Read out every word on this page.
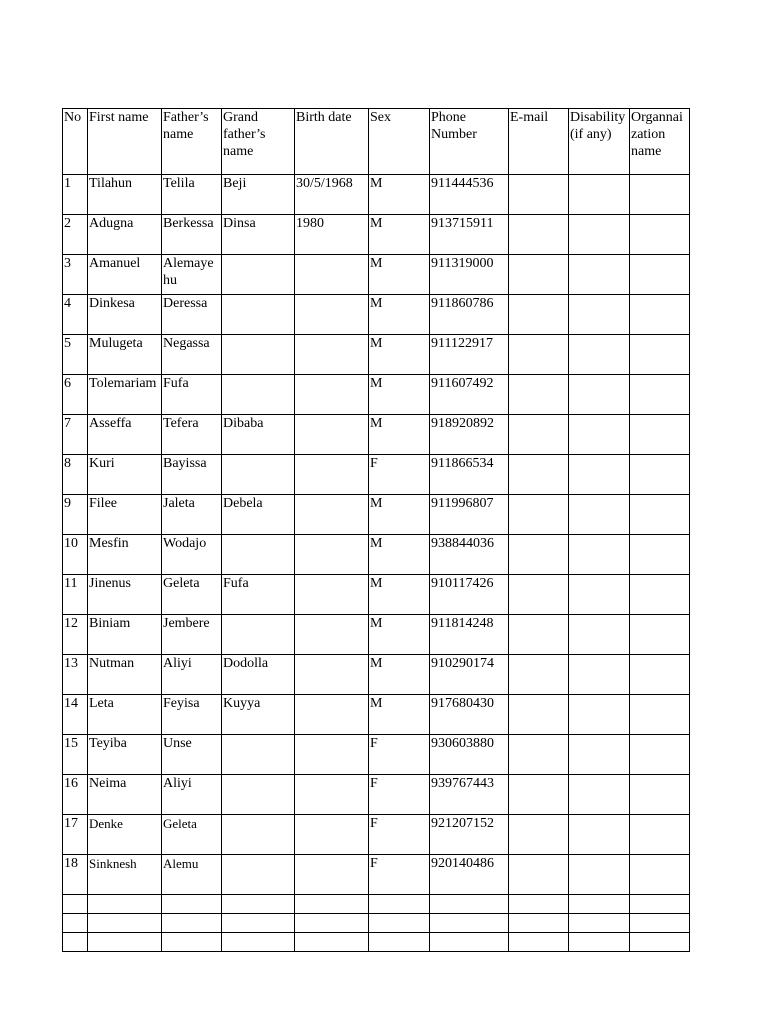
No	First name	Father’s name	Grand father’s name	Birth date	Sex	Phone Number	E-mail	Disability (if any)	Organnaization name
1	Tilahun	Telila	Beji	30/5/1968	M	911444536			
2	Adugna	Berkessa	Dinsa	1980	M	913715911			
3	Amanuel	Alemayehu			M	911319000			
4	Dinkesa	Deressa			M	911860786			
5	Mulugeta	Negassa			M	911122917			
6	Tolemariam	Fufa			M	911607492			
7	Asseffa	Tefera	Dibaba		M	918920892			
8	Kuri	Bayissa			F	911866534			
9	Filee	Jaleta	Debela		M	911996807			
10	Mesfin	Wodajo			M	938844036			
11	Jinenus	Geleta	Fufa		M	910117426			
12	Biniam	Jembere			M	911814248			
13	Nutman	Aliyi	Dodolla		M	910290174			
14	Leta	Feyisa	Kuyya		M	917680430			
15	Teyiba	Unse			F	930603880			
16	Neima	Aliyi			F	939767443			
17	Denke	Geleta			F	921207152			
18	Sinknesh	Alemu			F	920140486			
